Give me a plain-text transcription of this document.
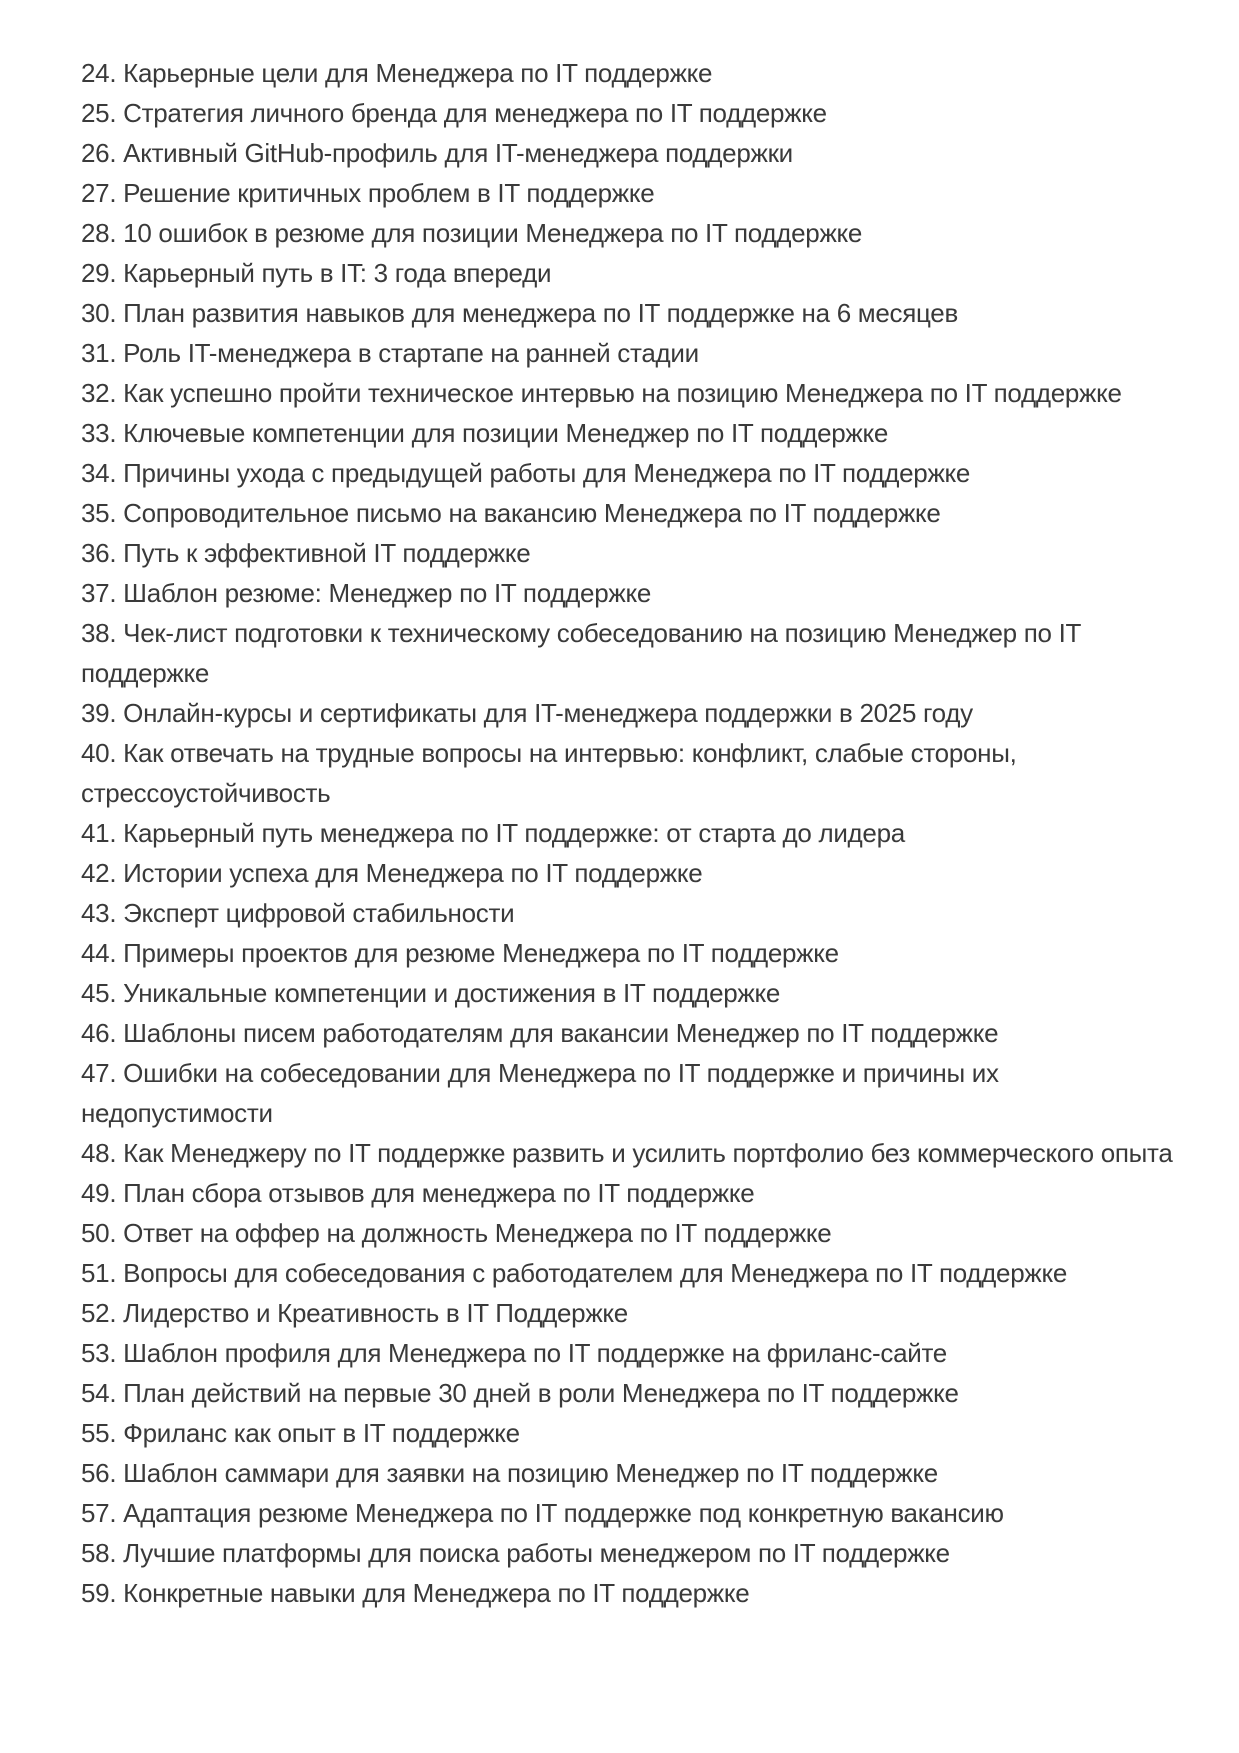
24. Карьерные цели для Менеджера по IT поддержке

25. Стратегия личного бренда для менеджера по IT поддержке

26. Активный GitHub-профиль для IT-менеджера поддержки

27. Решение критичных проблем в IT поддержке

28. 10 ошибок в резюме для позиции Менеджера по IT поддержке

29. Карьерный путь в IT: 3 года впереди

30. План развития навыков для менеджера по IT поддержке на 6 месяцев

31. Роль IT-менеджера в стартапе на ранней стадии

32. Как успешно пройти техническое интервью на позицию Менеджера по IT поддержке

33. Ключевые компетенции для позиции Менеджер по IT поддержке

34. Причины ухода с предыдущей работы для Менеджера по IT поддержке

35. Сопроводительное письмо на вакансию Менеджера по IT поддержке

36. Путь к эффективной IT поддержке

37. Шаблон резюме: Менеджер по IT поддержке

38. Чек-лист подготовки к техническому собеседованию на позицию Менеджер по IT поддержке

39. Онлайн-курсы и сертификаты для IT-менеджера поддержки в 2025 году

40. Как отвечать на трудные вопросы на интервью: конфликт, слабые стороны, стрессоустойчивость

41. Карьерный путь менеджера по IT поддержке: от старта до лидера

42. Истории успеха для Менеджера по IT поддержке

43. Эксперт цифровой стабильности

44. Примеры проектов для резюме Менеджера по IT поддержке

45. Уникальные компетенции и достижения в IT поддержке

46. Шаблоны писем работодателям для вакансии Менеджер по IT поддержке

47. Ошибки на собеседовании для Менеджера по IT поддержке и причины их недопустимости

48. Как Менеджеру по IT поддержке развить и усилить портфолио без коммерческого опыта

49. План сбора отзывов для менеджера по IT поддержке

50. Ответ на оффер на должность Менеджера по IT поддержке

51. Вопросы для собеседования с работодателем для Менеджера по IT поддержке

52. Лидерство и Креативность в IT Поддержке

53. Шаблон профиля для Менеджера по IT поддержке на фриланс-сайте

54. План действий на первые 30 дней в роли Менеджера по IT поддержке

55. Фриланс как опыт в IT поддержке

56. Шаблон саммари для заявки на позицию Менеджер по IT поддержке

57. Адаптация резюме Менеджера по IT поддержке под конкретную вакансию

58. Лучшие платформы для поиска работы менеджером по IT поддержке

59. Конкретные навыки для Менеджера по IT поддержке
